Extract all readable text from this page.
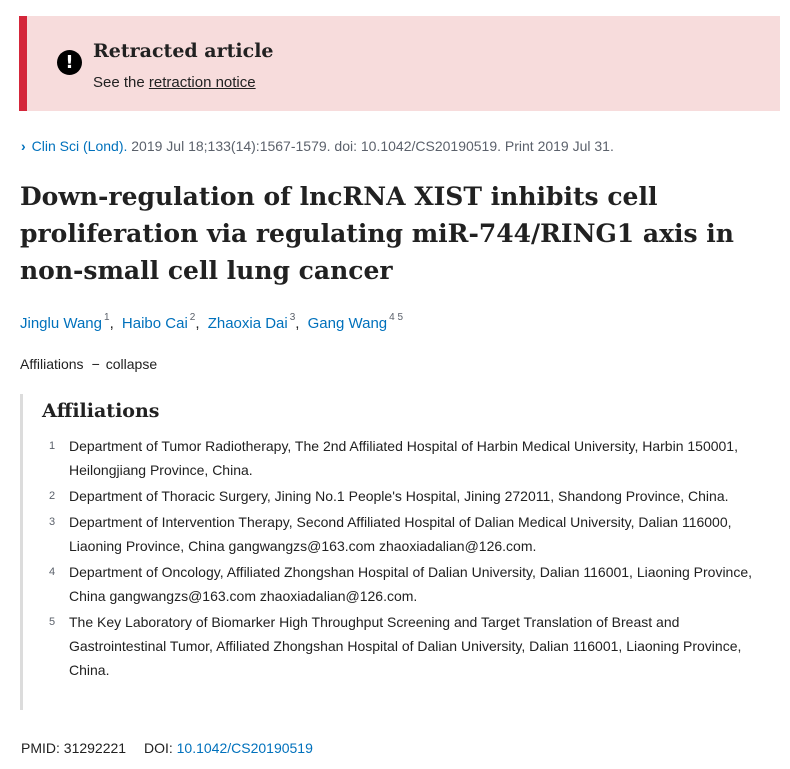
!
Retracted article
See the retraction notice
› Clin Sci (Lond). 2019 Jul 18;133(14):1567-1579. doi: 10.1042/CS20190519. Print 2019 Jul 31.
Down-regulation of lncRNA XIST inhibits cell proliferation via regulating miR-744/RING1 axis in non-small cell lung cancer
Jinglu Wang $^1$, Haibo Cai $^2$, Zhaoxia Dai $^3$, Gang Wang $^{4 5}$
Affiliations − collapse
Affiliations
1 Department of Tumor Radiotherapy, The 2nd Affiliated Hospital of Harbin Medical University, Harbin 150001, Heilongjiang Province, China.
2 Department of Thoracic Surgery, Jining No.1 People's Hospital, Jining 272011, Shandong Province, China.
3 Department of Intervention Therapy, Second Affiliated Hospital of Dalian Medical University, Dalian 116000, Liaoning Province, China gangwangzs@163.com zhaoxiadalian@126.com.
4 Department of Oncology, Affiliated Zhongshan Hospital of Dalian University, Dalian 116001, Liaoning Province, China gangwangzs@163.com zhaoxiadalian@126.com.
5 The Key Laboratory of Biomarker High Throughput Screening and Target Translation of Breast and Gastrointestinal Tumor, Affiliated Zhongshan Hospital of Dalian University, Dalian 116001, Liaoning Province, China.
PMID: 31292221 DOI: 10.1042/CS20190519
